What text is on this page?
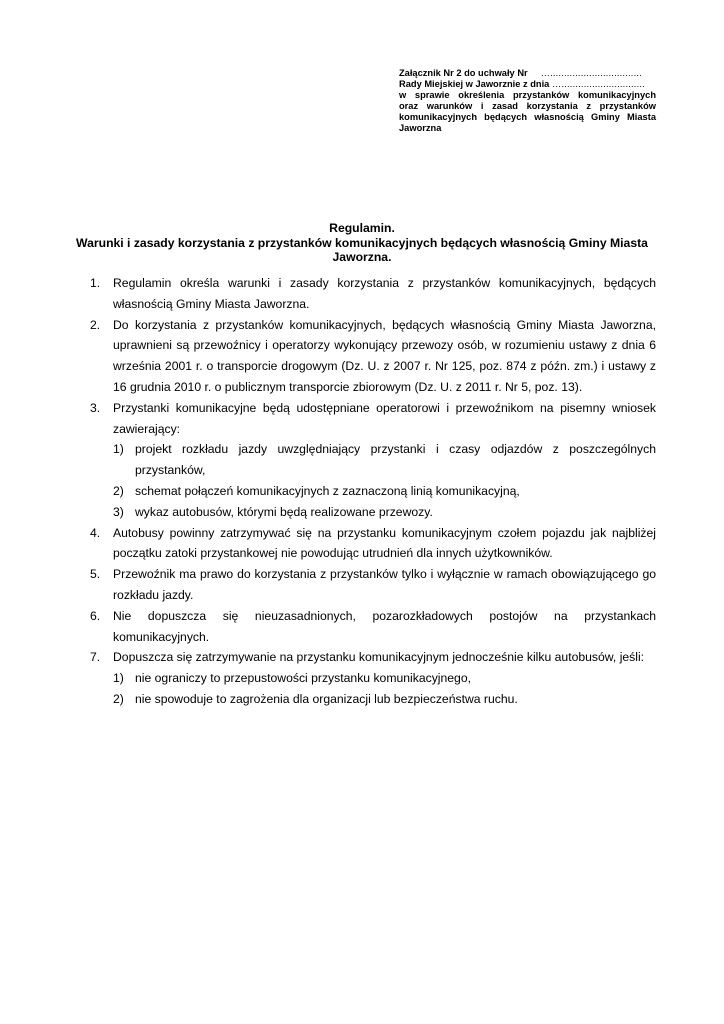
Załącznik Nr 2 do uchwały Nr ….................................
Rady Miejskiej w Jaworznie z dnia …..............................
w sprawie określenia przystanków komunikacyjnych
oraz warunków i zasad korzystania z przystanków
komunikacyjnych będących własnością Gminy Miasta
Jaworzna
Regulamin.
Warunki i zasady korzystania z przystanków komunikacyjnych będących własnością Gminy Miasta
Jaworzna.
1. Regulamin określa warunki i zasady korzystania z przystanków komunikacyjnych, będących własnością Gminy Miasta Jaworzna.
2. Do korzystania z przystanków komunikacyjnych, będących własnością Gminy Miasta Jaworzna, uprawnieni są przewoźnicy i operatorzy wykonujący przewozy osób, w rozumieniu ustawy z dnia 6 września 2001 r. o transporcie drogowym (Dz. U. z 2007 r. Nr 125, poz. 874 z późn. zm.) i ustawy z 16 grudnia 2010 r. o publicznym transporcie zbiorowym (Dz. U. z 2011 r. Nr 5, poz. 13).
3. Przystanki komunikacyjne będą udostępniane operatorowi i przewoźnikom na pisemny wniosek zawierający:
1) projekt rozkładu jazdy uwzględniający przystanki i czasy odjazdów z poszczególnych przystanków,
2) schemat połączeń komunikacyjnych z zaznaczoną linią komunikacyjną,
3) wykaz autobusów, którymi będą realizowane przewozy.
4. Autobusy powinny zatrzymywać się na przystanku komunikacyjnym czołem pojazdu jak najbliżej początku zatoki przystankowej nie powodując utrudnień dla innych użytkowników.
5. Przewoźnik ma prawo do korzystania z przystanków tylko i wyłącznie w ramach obowiązującego go rozkładu jazdy.
6. Nie dopuszcza się nieuzasadnionych, pozarozkładowych postojów na przystankach komunikacyjnych.
7. Dopuszcza się zatrzymywanie na przystanku komunikacyjnym jednocześnie kilku autobusów, jeśli:
1) nie ograniczy to przepustowości przystanku komunikacyjnego,
2) nie spowoduje to zagrożenia dla organizacji lub bezpieczeństwa ruchu.
